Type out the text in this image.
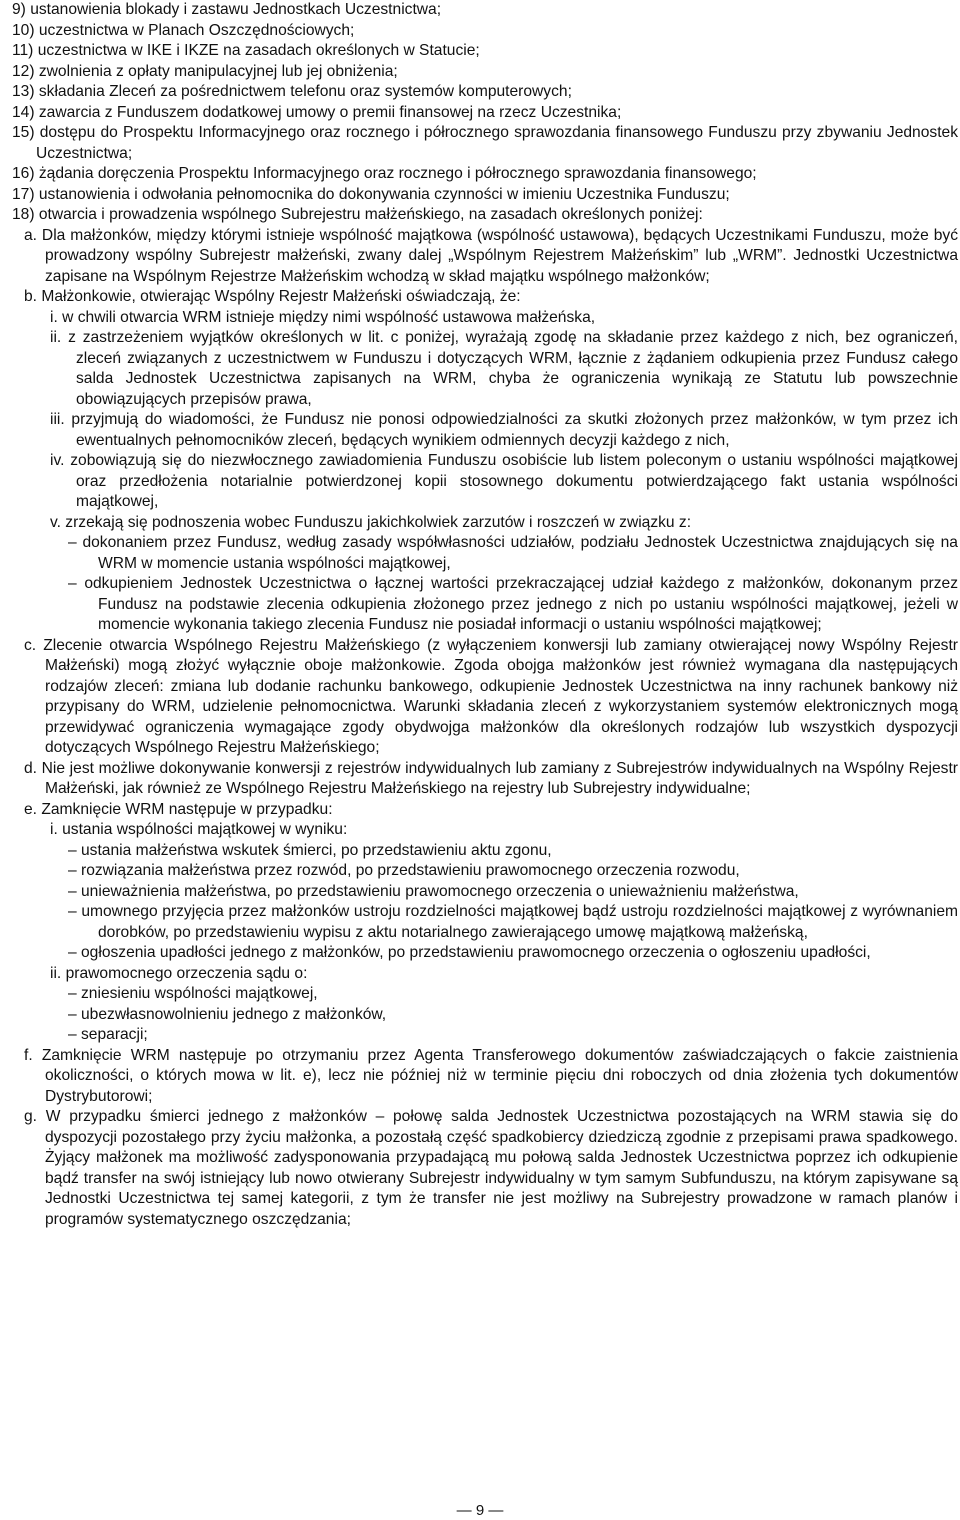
9) ustanowienia blokady i zastawu Jednostkach Uczestnictwa;

10) uczestnictwa w Planach Oszczędnościowych;

11) uczestnictwa w IKE i IKZE na zasadach określonych w Statucie;

12) zwolnienia z opłaty manipulacyjnej lub jej obniżenia;

13) składania Zleceń za pośrednictwem telefonu oraz systemów komputerowych;

14) zawarcia z Funduszem dodatkowej umowy o premii finansowej na rzecz Uczestnika;

15) dostępu do Prospektu Informacyjnego oraz rocznego i półrocznego sprawozdania finansowego Funduszu przy zbywaniu Jednostek Uczestnictwa;

16) żądania doręczenia Prospektu Informacyjnego oraz rocznego i półrocznego sprawozdania finansowego;

17) ustanowienia i odwołania pełnomocnika do dokonywania czynności w imieniu Uczestnika Funduszu;

18) otwarcia i prowadzenia wspólnego Subrejestru małżeńskiego, na zasadach określonych poniżej:

a. Dla małżonków, między którymi istnieje wspólność majątkowa (wspólność ustawowa), będących Uczestnikami Funduszu, może być prowadzony wspólny Subrejestr małżeński, zwany dalej „Wspólnym Rejestrem Małżeńskim” lub „WRM”. Jednostki Uczestnictwa zapisane na Wspólnym Rejestrze Małżeńskim wchodzą w skład majątku wspólnego małżonków;

b. Małżonkowie, otwierając Wspólny Rejestr Małżeński oświadczają, że:

i. w chwili otwarcia WRM istnieje między nimi wspólność ustawowa małżeńska,

ii. z zastrzeżeniem wyjątków określonych w lit. c poniżej, wyrażają zgodę na składanie przez każdego z nich, bez ograniczeń, zleceń związanych z uczestnictwem w Funduszu i dotyczących WRM, łącznie z żądaniem odkupienia przez Fundusz całego salda Jednostek Uczestnictwa zapisanych na WRM, chyba że ograniczenia wynikają ze Statutu lub powszechnie obowiązujących przepisów prawa,

iii. przyjmują do wiadomości, że Fundusz nie ponosi odpowiedzialności za skutki złożonych przez małżonków, w tym przez ich ewentualnych pełnomocników zleceń, będących wynikiem odmiennych decyzji każdego z nich,

iv. zobowiązują się do niezwłocznego zawiadomienia Funduszu osobiście lub listem poleconym o ustaniu wspólności majątkowej oraz przedłożenia notarialnie potwierdzonej kopii stosownego dokumentu potwierdzającego fakt ustania wspólności majątkowej,

v. zrzekają się podnoszenia wobec Funduszu jakichkolwiek zarzutów i roszczeń w związku z:

– dokonaniem przez Fundusz, według zasady współwłasności udziałów, podziału Jednostek Uczestnictwa znajdujących się na WRM w momencie ustania wspólności majątkowej,

– odkupieniem Jednostek Uczestnictwa o łącznej wartości przekraczającej udział każdego z małżonków, dokonanym przez Fundusz na podstawie zlecenia odkupienia złożonego przez jednego z nich po ustaniu wspólności majątkowej, jeżeli w momencie wykonania takiego zlecenia Fundusz nie posiadał informacji o ustaniu wspólności majątkowej;

c. Zlecenie otwarcia Wspólnego Rejestru Małżeńskiego (z wyłączeniem konwersji lub zamiany otwierającej nowy Wspólny Rejestr Małżeński) mogą złożyć wyłącznie oboje małżonkowie. Zgoda obojga małżonków jest również wymagana dla następujących rodzajów zleceń: zmiana lub dodanie rachunku bankowego, odkupienie Jednostek Uczestnictwa na inny rachunek bankowy niż przypisany do WRM, udzielenie pełnomocnictwa. Warunki składania zleceń z wykorzystaniem systemów elektronicznych mogą przewidywać ograniczenia wymagające zgody obydwojga małżonków dla określonych rodzajów lub wszystkich dyspozycji dotyczących Wspólnego Rejestru Małżeńskiego;

d. Nie jest możliwe dokonywanie konwersji z rejestrów indywidualnych lub zamiany z Subrejestrów indywidualnych na Wspólny Rejestr Małżeński, jak również ze Wspólnego Rejestru Małżeńskiego na rejestry lub Subrejestry indywidualne;

e. Zamknięcie WRM następuje w przypadku:

i. ustania wspólności majątkowej w wyniku:

– ustania małżeństwa wskutek śmierci, po przedstawieniu aktu zgonu,

– rozwiązania małżeństwa przez rozwód, po przedstawieniu prawomocnego orzeczenia rozwodu,

– unieważnienia małżeństwa, po przedstawieniu prawomocnego orzeczenia o unieważnieniu małżeństwa,

– umownego przyjęcia przez małżonków ustroju rozdzielności majątkowej bądź ustroju rozdzielności majątkowej z wyrównaniem dorobków, po przedstawieniu wypisu z aktu notarialnego zawierającego umowę majątkową małżeńską,

– ogłoszenia upadłości jednego z małżonków, po przedstawieniu prawomocnego orzeczenia o ogłoszeniu upadłości,

ii. prawomocnego orzeczenia sądu o:

– zniesieniu wspólności majątkowej,

– ubezwłasnowolnieniu jednego z małżonków,

– separacji;

f. Zamknięcie WRM następuje po otrzymaniu przez Agenta Transferowego dokumentów zaświadczających o fakcie zaistnienia okoliczności, o których mowa w lit. e), lecz nie później niż w terminie pięciu dni roboczych od dnia złożenia tych dokumentów Dystrybutorowi;

g. W przypadku śmierci jednego z małżonków – połowę salda Jednostek Uczestnictwa pozostających na WRM stawia się do dyspozycji pozostałego przy życiu małżonka, a pozostałą część spadkobiercy dziedziczą zgodnie z przepisami prawa spadkowego. Żyjący małżonek ma możliwość zadysponowania przypadającą mu połową salda Jednostek Uczestnictwa poprzez ich odkupienie bądź transfer na swój istniejący lub nowo otwierany Subrejestr indywidualny w tym samym Subfunduszu, na którym zapisywane są Jednostki Uczestnictwa tej samej kategorii, z tym że transfer nie jest możliwy na Subrejestry prowadzone w ramach planów i programów systematycznego oszczędzania;

— 9 —
